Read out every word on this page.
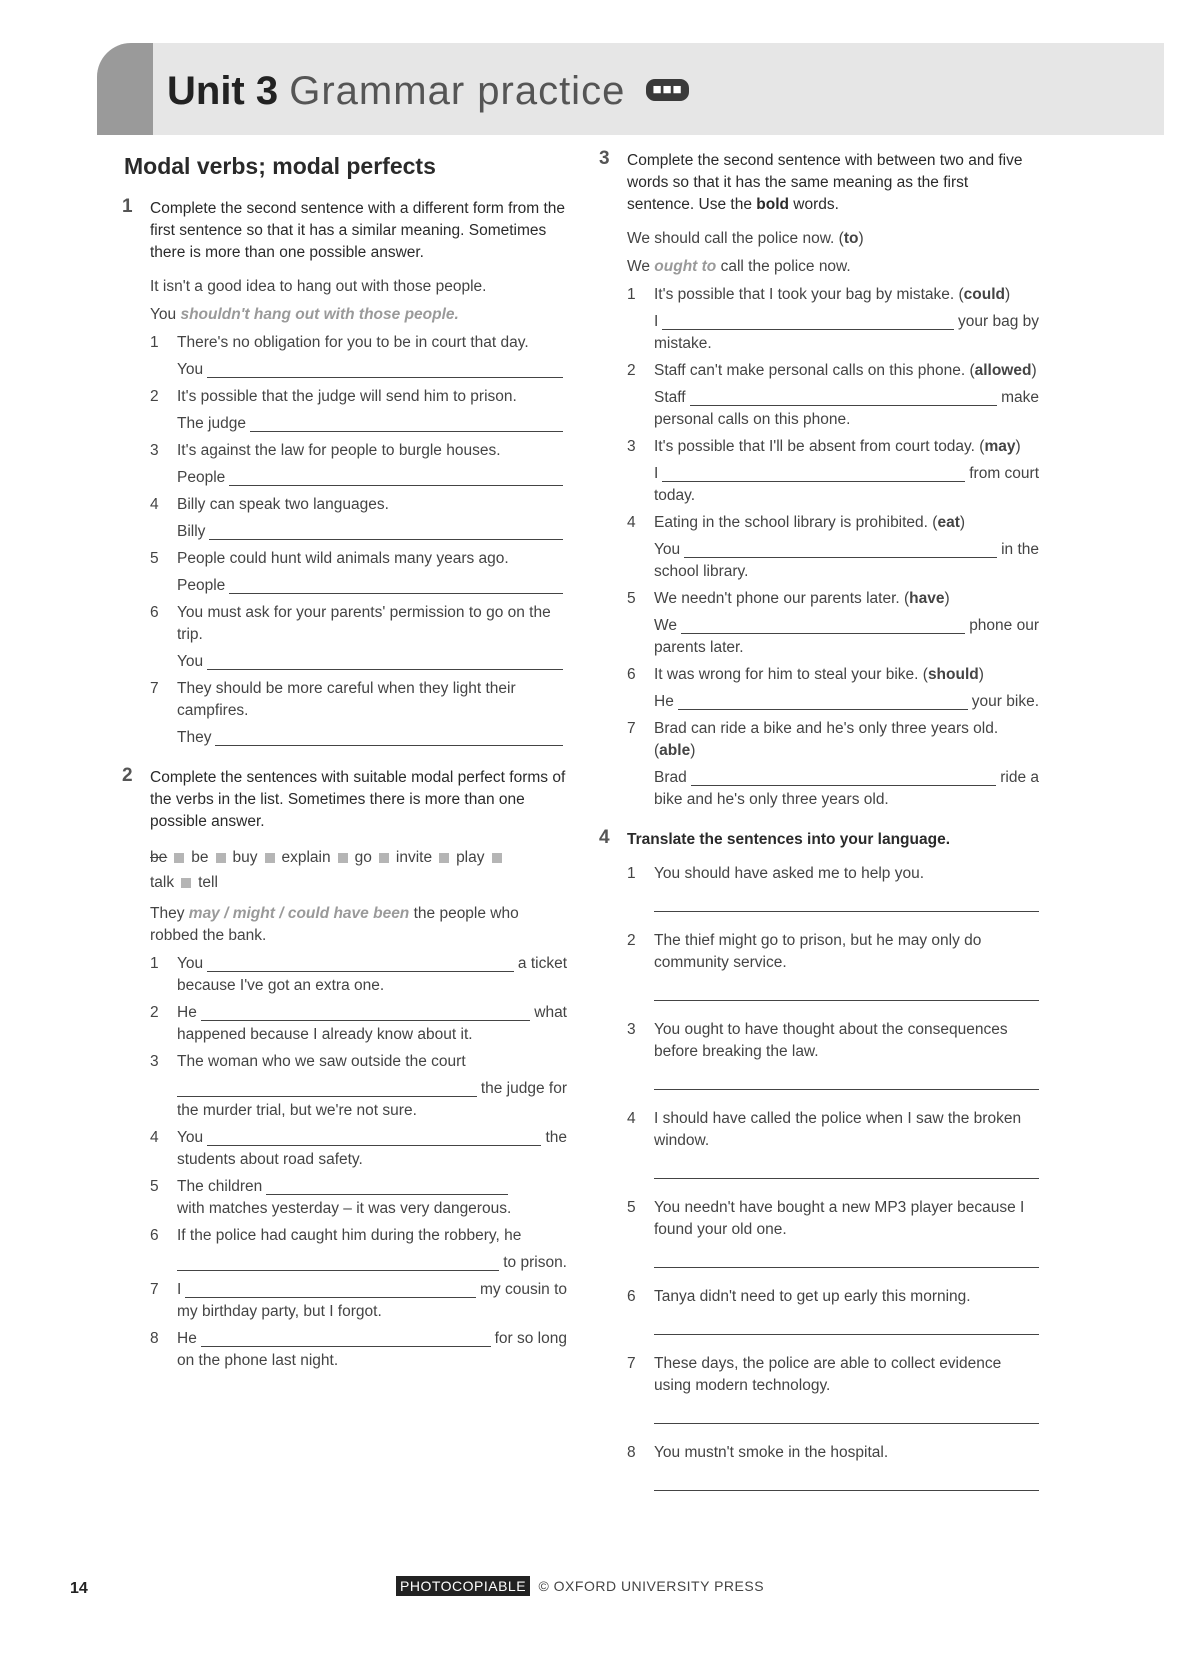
Unit 3 Grammar practice ■■■
Modal verbs; modal perfects
1 Complete the second sentence with a different form from the first sentence so that it has a similar meaning. Sometimes there is more than one possible answer.

It isn't a good idea to hang out with those people.

You shouldn't hang out with those people.

1 There's no obligation for you to be in court that day.

You
2 It's possible that the judge will send him to prison.

The judge
3 It's against the law for people to burgle houses.

People
4 Billy can speak two languages.

Billy
5 People could hunt wild animals many years ago.

People
6 You must ask for your parents' permission to go on the trip.

You
7 They should be more careful when they light their campfires.

They
2 Complete the sentences with suitable modal perfect forms of the verbs in the list. Sometimes there is more than one possible answer.

be be buy explain go invite play
talk tell

They may / might / could have been the people who robbed the bank.

1 You	a ticket

because I've got an extra one.

2 He	what

happened because I already know about it.

3 The woman who we saw outside the court

the judge for

the murder trial, but we're not sure.

4 You	the

students about road safety.

5 The children

with matches yesterday – it was very dangerous.

6 If the police had caught him during the robbery, he

to prison.
7 I	my cousin to

my birthday party, but I forgot.

8 He	for so long

on the phone last night.

3 Complete the second sentence with between two and five words so that it has the same meaning as the first sentence. Use the bold words.

We should call the police now. (to)

We ought to call the police now.

1 It's possible that I took your bag by mistake. (could)

I	your bag by

mistake.

2 Staff can't make personal calls on this phone. (allowed)

Staff	make

personal calls on this phone.

3 It's possible that I'll be absent from court today. (may)

I	from court

today.

4 Eating in the school library is prohibited. (eat)

You	in the

school library.

5 We needn't phone our parents later. (have)

We	phone our

parents later.

6 It was wrong for him to steal your bike. (should)

He	your bike.
7 Brad can ride a bike and he's only three years old. (able)

Brad	ride a

bike and he's only three years old.

4 Translate the sentences into your language.

1 You should have asked me to help you.

2 The thief might go to prison, but he may only do community service.

3 You ought to have thought about the consequences before breaking the law.

4 I should have called the police when I saw the broken window.

5 You needn't have bought a new MP3 player because I found your old one.

6 Tanya didn't need to get up early this morning.

7 These days, the police are able to collect evidence using modern technology.

8 You mustn't smoke in the hospital.

14	PHOTOCOPIABLE © OXFORD UNIVERSITY PRESS
